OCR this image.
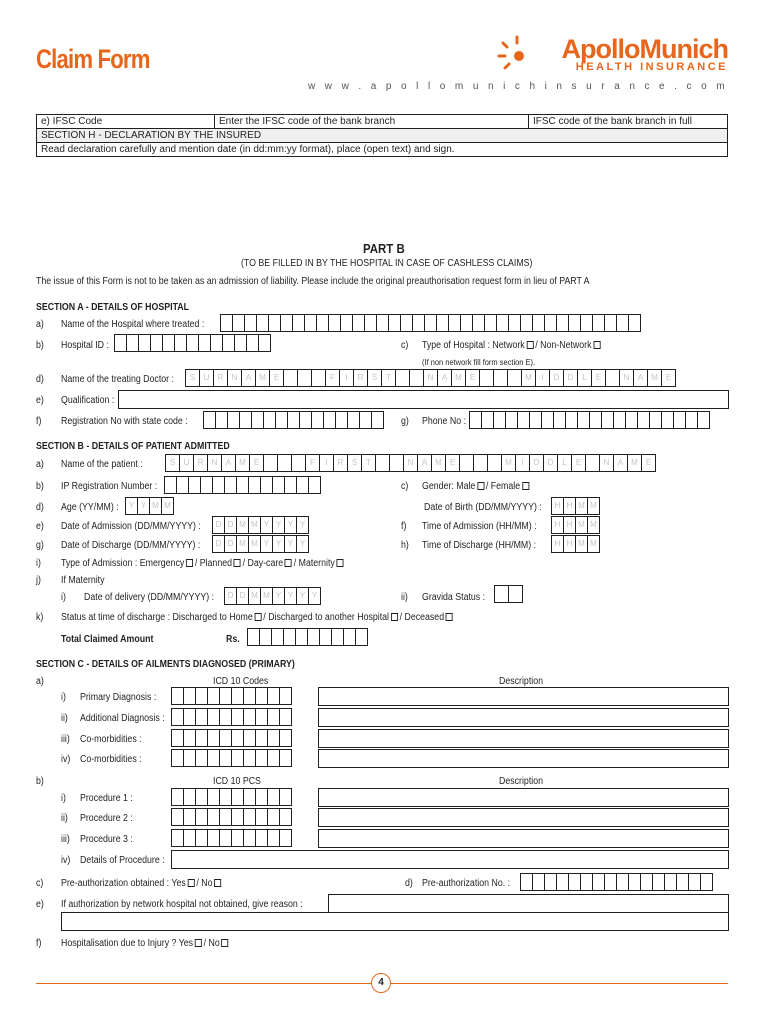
Claim Form	ApolloMunich
HEALTH INSURANCE
w w w . a p o l l o m u n i c h i n s u r a n c e . c o m
e) IFSC Code	Enter the IFSC code of the bank branch	IFSC code of the bank branch in full
SECTION H - DECLARATION BY THE INSURED
Read declaration carefully and mention date (in dd:mm:yy format), place (open text) and sign.
PART B
(TO BE FILLED IN BY THE HOSPITAL IN CASE OF CASHLESS CLAIMS)
The issue of this Form is not to be taken as an admission of liability. Please include the original preauthorisation request form in lieu of PART A
SECTION A - DETAILS OF HOSPITAL
a) Name of the Hospital where treated :
b) Hospital ID :	c) Type of Hospital : Network / Non-Network
(If non network fill form section E).
d) Name of the treating Doctor :	S	U	R	N	A M	E	F	I	R	S	T	N	A M	E	M	I	D	D	L	E	N	A M	E
e) Qualification :
f) Registration No with state code :	g) Phone No :
SECTION B - DETAILS OF PATIENT ADMITTED
a) Name of the patient :	S	U	R	N	A M	E	F	I	R	S	T	N	A M	E	M	I	D	D	L	E	N	A M	E
b) IP Registration Number :	c) Gender: Male / Female
d) Age (YY/MM) :	Y Y M M	Date of Birth (DD/MM/YYYY) :	H H M M
e) Date of Admission (DD/MM/YYYY) :	D D M M Y Y Y Y	f) Time of Admission (HH/MM) :	H H M M
g) Date of Discharge (DD/MM/YYYY) :	D D M M Y Y Y Y	h) Time of Discharge (HH/MM) :	H H M M
i) Type of Admission : Emergency / Planned / Day-care / Maternity
j) If Maternity
i) Date of delivery (DD/MM/YYYY) :	D D M M Y Y Y Y	ii) Gravida Status :
k) Status at time of discharge : Discharged to Home / Discharged to another Hospital / Deceased
Total Claimed Amount	Rs.
SECTION C - DETAILS OF AILMENTS DIAGNOSED (PRIMARY)
a)	ICD 10 Codes	Description
i) Primary Diagnosis :
ii) Additional Diagnosis :
iii) Co-morbidities :
iv) Co-morbidities :
b)	ICD 10 PCS	Description
i) Procedure 1 :
ii) Procedure 2 :
iii) Procedure 3 :
iv) Details of Procedure :
c) Pre-authorization obtained : Yes / No	d) Pre-authorization No. :
e) If authorization by network hospital not obtained, give reason :
f) Hospitalisation due to Injury ? Yes / No
4
